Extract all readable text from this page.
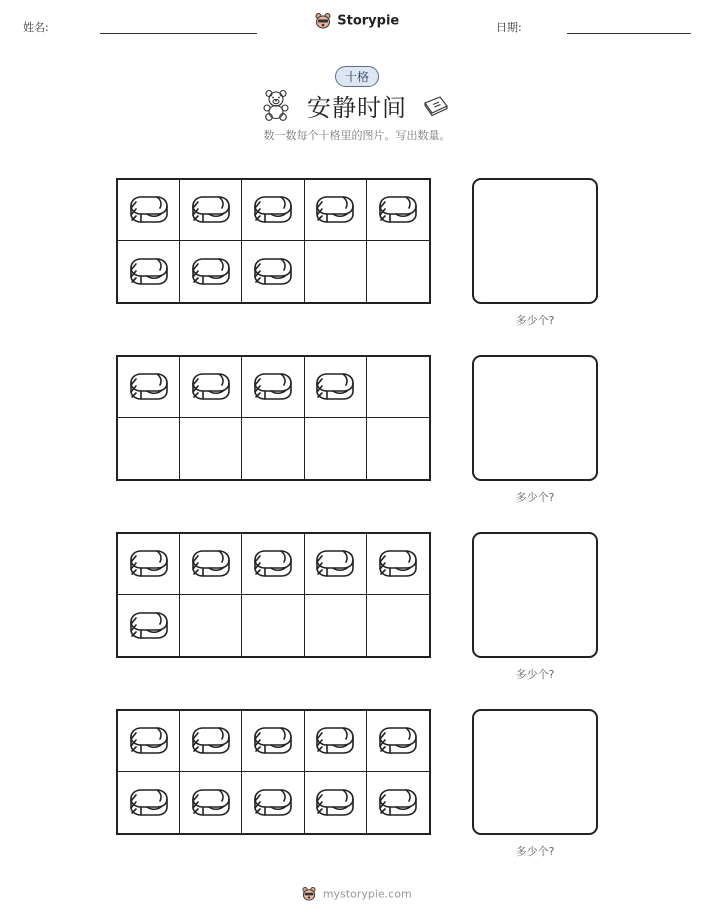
姓名:	Storypie	日期:
十格
安静时间
数一数每个十格里的图片。写出数量。
多少个?
多少个?
多少个?
多少个?
mystorypie.com
